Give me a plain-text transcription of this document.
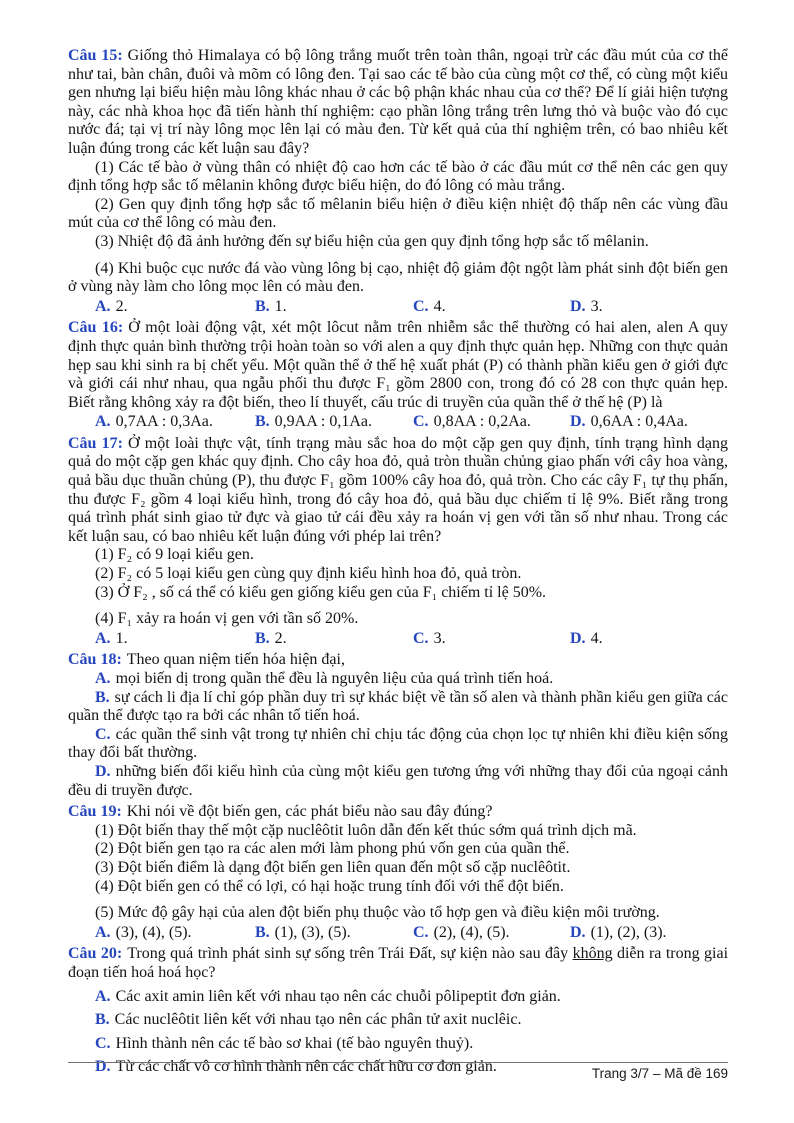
Câu 15: Giống thỏ Himalaya có bộ lông trắng muốt trên toàn thân, ngoại trừ các đầu mút của cơ thể như tai, bàn chân, đuôi và mõm có lông đen. Tại sao các tế bào của cùng một cơ thể, có cùng một kiểu gen nhưng lại biểu hiện màu lông khác nhau ở các bộ phận khác nhau của cơ thể? Để lí giải hiện tượng này, các nhà khoa học đã tiến hành thí nghiệm: cạo phần lông trắng trên lưng thỏ và buộc vào đó cục nước đá; tại vị trí này lông mọc lên lại có màu đen. Từ kết quả của thí nghiệm trên, có bao nhiêu kết luận đúng trong các kết luận sau đây?

(1) Các tế bào ở vùng thân có nhiệt độ cao hơn các tế bào ở các đầu mút cơ thể nên các gen quy định tổng hợp sắc tố mêlanin không được biểu hiện, do đó lông có màu trắng.

(2) Gen quy định tổng hợp sắc tố mêlanin biểu hiện ở điều kiện nhiệt độ thấp nên các vùng đầu mút của cơ thể lông có màu đen.

(3) Nhiệt độ đã ảnh hưởng đến sự biểu hiện của gen quy định tổng hợp sắc tố mêlanin.

(4) Khi buộc cục nước đá vào vùng lông bị cạo, nhiệt độ giảm đột ngột làm phát sinh đột biến gen ở vùng này làm cho lông mọc lên có màu đen.

A. 2.	B. 1.	C. 4.	D. 3.

Câu 16: Ở một loài động vật, xét một lôcut nằm trên nhiễm sắc thể thường có hai alen, alen A quy định thực quản bình thường trội hoàn toàn so với alen a quy định thực quản hẹp. Những con thực quản hẹp sau khi sinh ra bị chết yểu. Một quần thể ở thế hệ xuất phát (P) có thành phần kiểu gen ở giới đực và giới cái như nhau, qua ngẫu phối thu được F₁ gồm 2800 con, trong đó có 28 con thực quản hẹp. Biết rằng không xảy ra đột biến, theo lí thuyết, cấu trúc di truyền của quần thể ở thế hệ (P) là

A. 0,7AA : 0,3Aa.	B. 0,9AA : 0,1Aa.	C. 0,8AA : 0,2Aa.	D. 0,6AA : 0,4Aa.

Câu 17: Ở một loài thực vật, tính trạng màu sắc hoa do một cặp gen quy định, tính trạng hình dạng quả do một cặp gen khác quy định. Cho cây hoa đỏ, quả tròn thuần chủng giao phấn với cây hoa vàng, quả bầu dục thuần chủng (P), thu được F₁ gồm 100% cây hoa đỏ, quả tròn. Cho các cây F₁ tự thụ phấn, thu được F₂ gồm 4 loại kiểu hình, trong đó cây hoa đỏ, quả bầu dục chiếm tỉ lệ 9%. Biết rằng trong quá trình phát sinh giao tử đực và giao tử cái đều xảy ra hoán vị gen với tần số như nhau. Trong các kết luận sau, có bao nhiêu kết luận đúng với phép lai trên?

(1) F₂ có 9 loại kiểu gen.

(2) F₂ có 5 loại kiểu gen cùng quy định kiểu hình hoa đỏ, quả tròn.

(3) Ở F₂ , số cá thể có kiểu gen giống kiểu gen của F₁ chiếm tỉ lệ 50%.

(4) F₁ xảy ra hoán vị gen với tần số 20%.

A. 1.	B. 2.	C. 3.	D. 4.

Câu 18: Theo quan niệm tiến hóa hiện đại,

A. mọi biến dị trong quần thể đều là nguyên liệu của quá trình tiến hoá.

B. sự cách li địa lí chỉ góp phần duy trì sự khác biệt về tần số alen và thành phần kiểu gen giữa các quần thể được tạo ra bởi các nhân tố tiến hoá.

C. các quần thể sinh vật trong tự nhiên chỉ chịu tác động của chọn lọc tự nhiên khi điều kiện sống thay đổi bất thường.

D. những biến đổi kiểu hình của cùng một kiểu gen tương ứng với những thay đổi của ngoại cảnh đều di truyền được.

Câu 19: Khi nói về đột biến gen, các phát biểu nào sau đây đúng?

(1) Đột biến thay thế một cặp nuclêôtit luôn dẫn đến kết thúc sớm quá trình dịch mã.

(2) Đột biến gen tạo ra các alen mới làm phong phú vốn gen của quần thể.

(3) Đột biến điểm là dạng đột biến gen liên quan đến một số cặp nuclêôtit.

(4) Đột biến gen có thể có lợi, có hại hoặc trung tính đối với thể đột biến.

(5) Mức độ gây hại của alen đột biến phụ thuộc vào tổ hợp gen và điều kiện môi trường.

A. (3), (4), (5).	B. (1), (3), (5).	C. (2), (4), (5).	D. (1), (2), (3).

Câu 20: Trong quá trình phát sinh sự sống trên Trái Đất, sự kiện nào sau đây không diễn ra trong giai đoạn tiến hoá hoá học?

A. Các axit amin liên kết với nhau tạo nên các chuỗi pôlipeptit đơn giản.

B. Các nuclêôtit liên kết với nhau tạo nên các phân tử axit nuclêic.

C. Hình thành nên các tế bào sơ khai (tế bào nguyên thuỷ).

D. Từ các chất vô cơ hình thành nên các chất hữu cơ đơn giản.	Trang 3/7 – Mã đề 169
